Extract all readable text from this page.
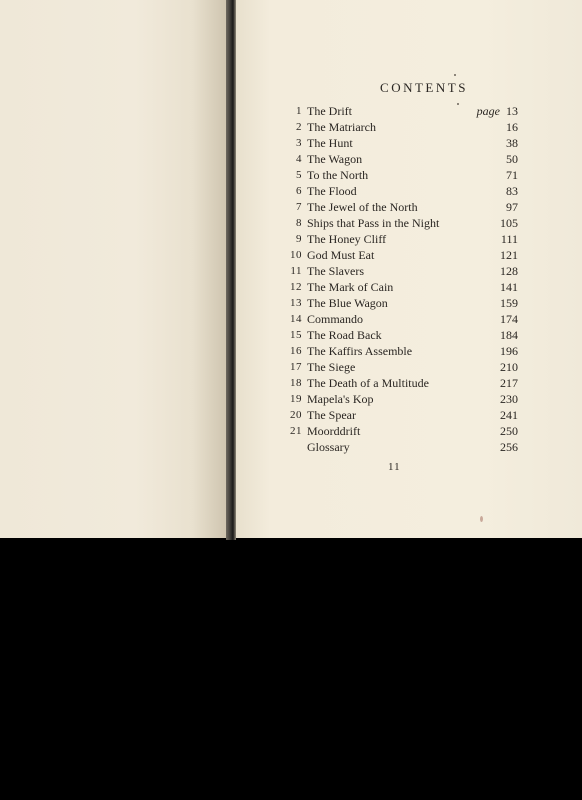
CONTENTS
1 The Drift	page 13
2 The Matriarch	16
3 The Hunt	38
4 The Wagon	50
5 To the North	71
6 The Flood	83
7 The Jewel of the North	97
8 Ships that Pass in the Night	105
9 The Honey Cliff	111
10 God Must Eat	121
11 The Slavers	128
12 The Mark of Cain	141
13 The Blue Wagon	159
14 Commando	174
15 The Road Back	184
16 The Kaffirs Assemble	196
17 The Siege	210
18 The Death of a Multitude	217
19 Mapela's Kop	230
20 The Spear	241
21 Moorddrift	250
Glossary	256
11
